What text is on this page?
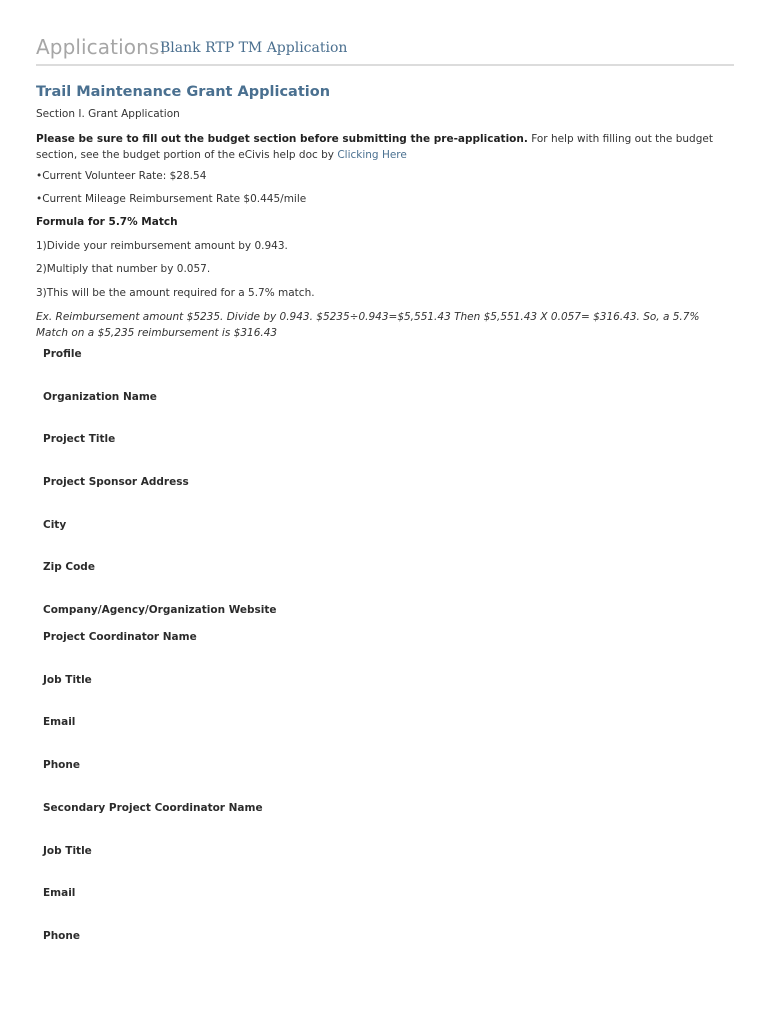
Applications:
Blank RTP TM Application
Trail Maintenance Grant Application
Section I. Grant Application
Please be sure to fill out the budget section before submitting the pre-application. For help with filling out the budget section, see the budget portion of the eCivis help doc by Clicking Here
•Current Volunteer Rate: $28.54
•Current Mileage Reimbursement Rate $0.445/mile
Formula for 5.7% Match
1)Divide your reimbursement amount by 0.943.
2)Multiply that number by 0.057.
3)This will be the amount required for a 5.7% match.
Ex. Reimbursement amount $5235. Divide by 0.943. $5235÷0.943=$5,551.43 Then $5,551.43 X 0.057= $316.43. So, a 5.7% Match on a $5,235 reimbursement is $316.43
Profile
Organization Name
Project Title
Project Sponsor Address
City
Zip Code
Company/Agency/Organization Website
Project Coordinator Name
Job Title
Email
Phone
Secondary Project Coordinator Name
Job Title
Email
Phone
